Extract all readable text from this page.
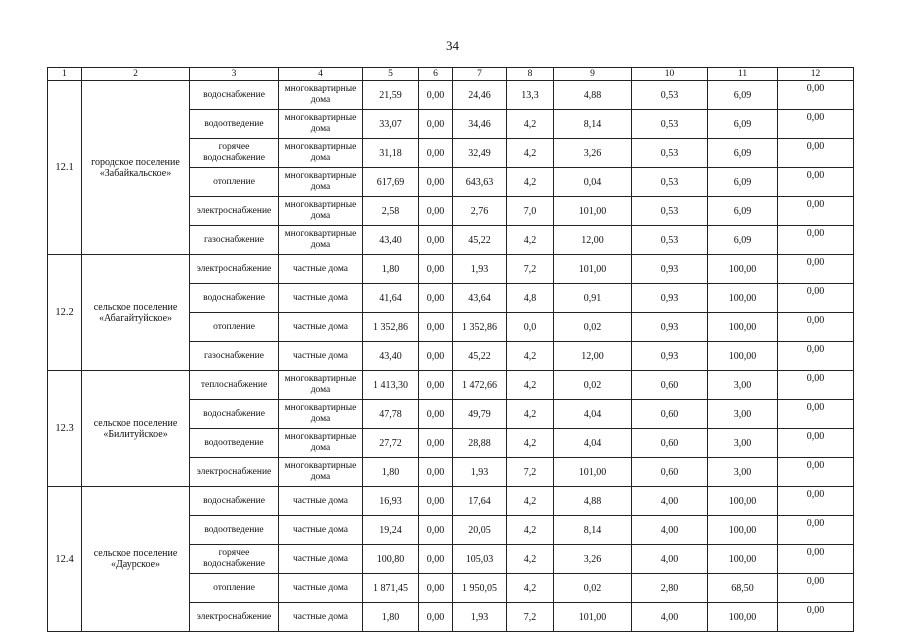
34
1	2	3	4	5	6	7	8	9	10	11	12
12.1	городское поселение «Забайкальское»	водоснабжение	многоквартирные дома	21,59	0,00	24,46	13,3	4,88	0,53	6,09	0,00
		водоотведение	многоквартирные дома	33,07	0,00	34,46	4,2	8,14	0,53	6,09	0,00
		горячее водоснабжение	многоквартирные дома	31,18	0,00	32,49	4,2	3,26	0,53	6,09	0,00
		отопление	многоквартирные дома	617,69	0,00	643,63	4,2	0,04	0,53	6,09	0,00
		электроснабжение	многоквартирные дома	2,58	0,00	2,76	7,0	101,00	0,53	6,09	0,00
		газоснабжение	многоквартирные дома	43,40	0,00	45,22	4,2	12,00	0,53	6,09	0,00
12.2	сельское поселение «Абагайтуйское»	электроснабжение	частные дома	1,80	0,00	1,93	7,2	101,00	0,93	100,00	0,00
		водоснабжение	частные дома	41,64	0,00	43,64	4,8	0,91	0,93	100,00	0,00
		отопление	частные дома	1 352,86	0,00	1 352,86	0,0	0,02	0,93	100,00	0,00
		газоснабжение	частные дома	43,40	0,00	45,22	4,2	12,00	0,93	100,00	0,00
12.3	сельское поселение «Билитуйское»	теплоснабжение	многоквартирные дома	1 413,30	0,00	1 472,66	4,2	0,02	0,60	3,00	0,00
		водоснабжение	многоквартирные дома	47,78	0,00	49,79	4,2	4,04	0,60	3,00	0,00
		водоотведение	многоквартирные дома	27,72	0,00	28,88	4,2	4,04	0,60	3,00	0,00
		электроснабжение	многоквартирные дома	1,80	0,00	1,93	7,2	101,00	0,60	3,00	0,00
12.4	сельское поселение «Даурское»	водоснабжение	частные дома	16,93	0,00	17,64	4,2	4,88	4,00	100,00	0,00
		водоотведение	частные дома	19,24	0,00	20,05	4,2	8,14	4,00	100,00	0,00
		горячее водоснабжение	частные дома	100,80	0,00	105,03	4,2	3,26	4,00	100,00	0,00
		отопление	частные дома	1 871,45	0,00	1 950,05	4,2	0,02	2,80	68,50	0,00
		электроснабжение	частные дома	1,80	0,00	1,93	7,2	101,00	4,00	100,00	0,00
